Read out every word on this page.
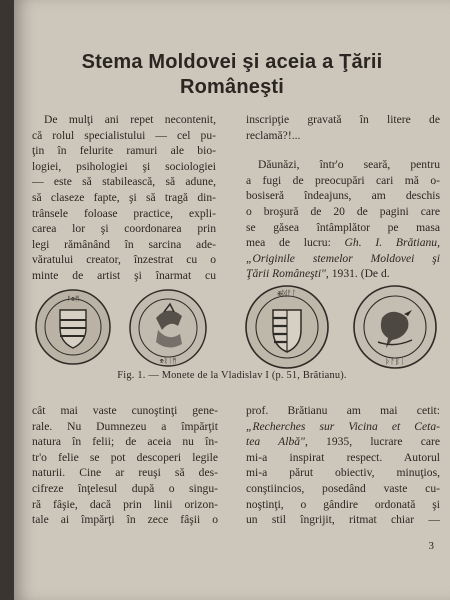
Stema Moldovei şi aceia a Ţării
Româneşti
De mulţi ani repet necontenit,
că rolul specialistului — cel pu-
ţin în felurite ramuri ale bio-
logiei, psihologiei şi sociologiei
— este să stabilească, să adune,
să claseze fapte, şi să tragă din-
trânsele foloase practice, expli-
carea lor şi coordonarea prin
legi rămânând în sarcina ade-
văratului creator, înzestrat cu o
minte de artist şi înarmat cu
inscripţie gravată în litere de
reclamă?!...
Dăunăzi, într'o seară, pentru
a fugi de preocupări cari mă o-
bosiseră îndeajuns, am deschis
o broşură de 20 de pagini care
se găsea întâmplător pe masa
mea de lucru: Gh. I. Brătianu,
„Originile stemelor Moldovei şi
Ţării Româneşti", 1931. (De d.
ᚠ✠ᛗ
✠ᚱᛁᛗ
✠ᛞᚨᛚ
ᚦᚨᛒᛁ
Fig. 1. — Monete de la Vladislav I (p. 51, Brătianu).
cât mai vaste cunoştinţi gene-
rale. Nu Dumnezeu a împărţit
natura în felii; de aceia nu în-
tr'o felie se pot descoperi legile
naturii. Cine ar reuşi să des-
cifreze înţelesul după o singu-
ră fâşie, dacă prin linii orizon-
tale ai împărţi în zece fâşii o
prof. Brătianu am mai cetit:
„Recherches sur Vicina et Ceta-
tea Albă", 1935, lucrare care
mi-a inspirat respect. Autorul
mi-a părut obiectiv, minuţios,
conştiincios, posedând vaste cu-
noştinţi, o gândire ordonată şi
un stil îngrijit, ritmat chiar —
3
